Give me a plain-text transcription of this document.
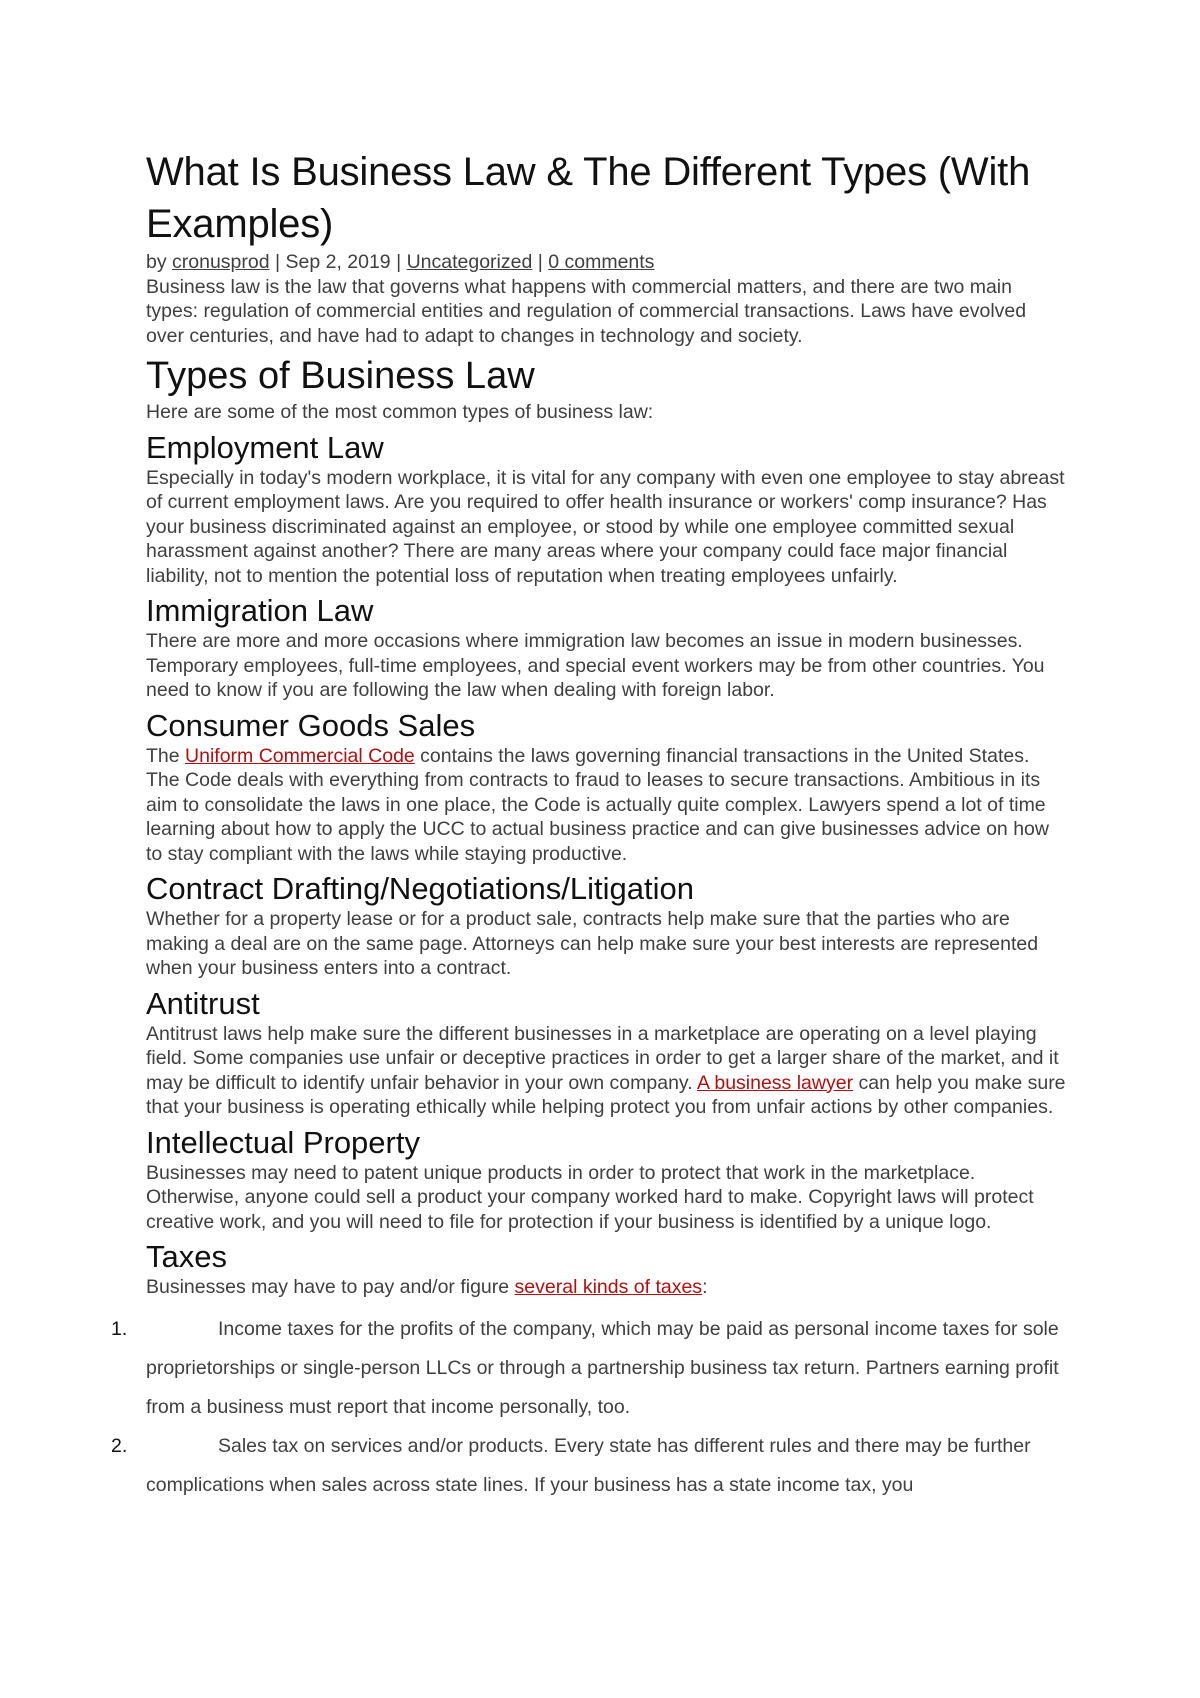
What Is Business Law & The Different Types (With Examples)

by cronusprod | Sep 2, 2019 | Uncategorized | 0 comments

Business law is the law that governs what happens with commercial matters, and there are two main types: regulation of commercial entities and regulation of commercial transactions. Laws have evolved over centuries, and have had to adapt to changes in technology and society.

Types of Business Law

Here are some of the most common types of business law:

Employment Law

Especially in today's modern workplace, it is vital for any company with even one employee to stay abreast of current employment laws. Are you required to offer health insurance or workers' comp insurance? Has your business discriminated against an employee, or stood by while one employee committed sexual harassment against another? There are many areas where your company could face major financial liability, not to mention the potential loss of reputation when treating employees unfairly.

Immigration Law

There are more and more occasions where immigration law becomes an issue in modern businesses. Temporary employees, full-time employees, and special event workers may be from other countries. You need to know if you are following the law when dealing with foreign labor.

Consumer Goods Sales

The Uniform Commercial Code contains the laws governing financial transactions in the United States. The Code deals with everything from contracts to fraud to leases to secure transactions. Ambitious in its aim to consolidate the laws in one place, the Code is actually quite complex. Lawyers spend a lot of time learning about how to apply the UCC to actual business practice and can give businesses advice on how to stay compliant with the laws while staying productive.

Contract Drafting/Negotiations/Litigation

Whether for a property lease or for a product sale, contracts help make sure that the parties who are making a deal are on the same page. Attorneys can help make sure your best interests are represented when your business enters into a contract.

Antitrust

Antitrust laws help make sure the different businesses in a marketplace are operating on a level playing field. Some companies use unfair or deceptive practices in order to get a larger share of the market, and it may be difficult to identify unfair behavior in your own company. A business lawyer can help you make sure that your business is operating ethically while helping protect you from unfair actions by other companies.

Intellectual Property

Businesses may need to patent unique products in order to protect that work in the marketplace. Otherwise, anyone could sell a product your company worked hard to make. Copyright laws will protect creative work, and you will need to file for protection if your business is identified by a unique logo.

Taxes

Businesses may have to pay and/or figure several kinds of taxes:

1.	Income taxes for the profits of the company, which may be paid as personal income taxes for sole proprietorships or single-person LLCs or through a partnership business tax return. Partners earning profit from a business must report that income personally, too.
2.	Sales tax on services and/or products. Every state has different rules and there may be further complications when sales across state lines. If your business has a state income tax, you
